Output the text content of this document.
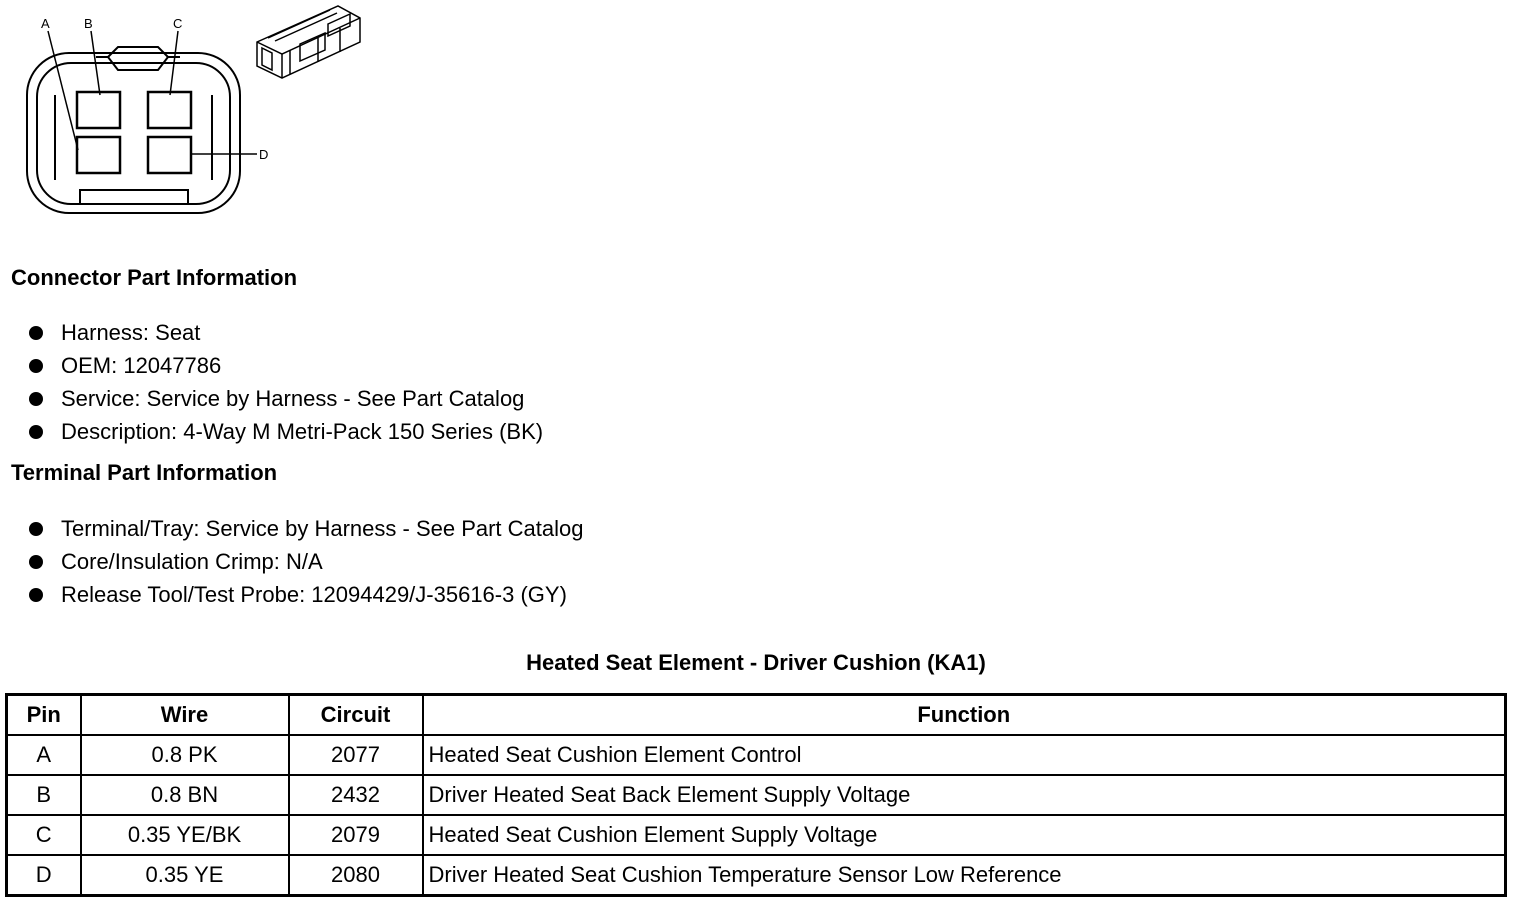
A	B	C
D
Connector Part Information
Harness: Seat
OEM: 12047786
Service: Service by Harness - See Part Catalog
Description: 4-Way M Metri-Pack 150 Series (BK)
Terminal Part Information
Terminal/Tray: Service by Harness - See Part Catalog
Core/Insulation Crimp: N/A
Release Tool/Test Probe: 12094429/J-35616-3 (GY)
Heated Seat Element - Driver Cushion (KA1)
Pin	Wire	Circuit	Function
A	0.8 PK	2077	Heated Seat Cushion Element Control
B	0.8 BN	2432	Driver Heated Seat Back Element Supply Voltage
C	0.35 YE/BK	2079	Heated Seat Cushion Element Supply Voltage
D	0.35 YE	2080	Driver Heated Seat Cushion Temperature Sensor Low Reference
